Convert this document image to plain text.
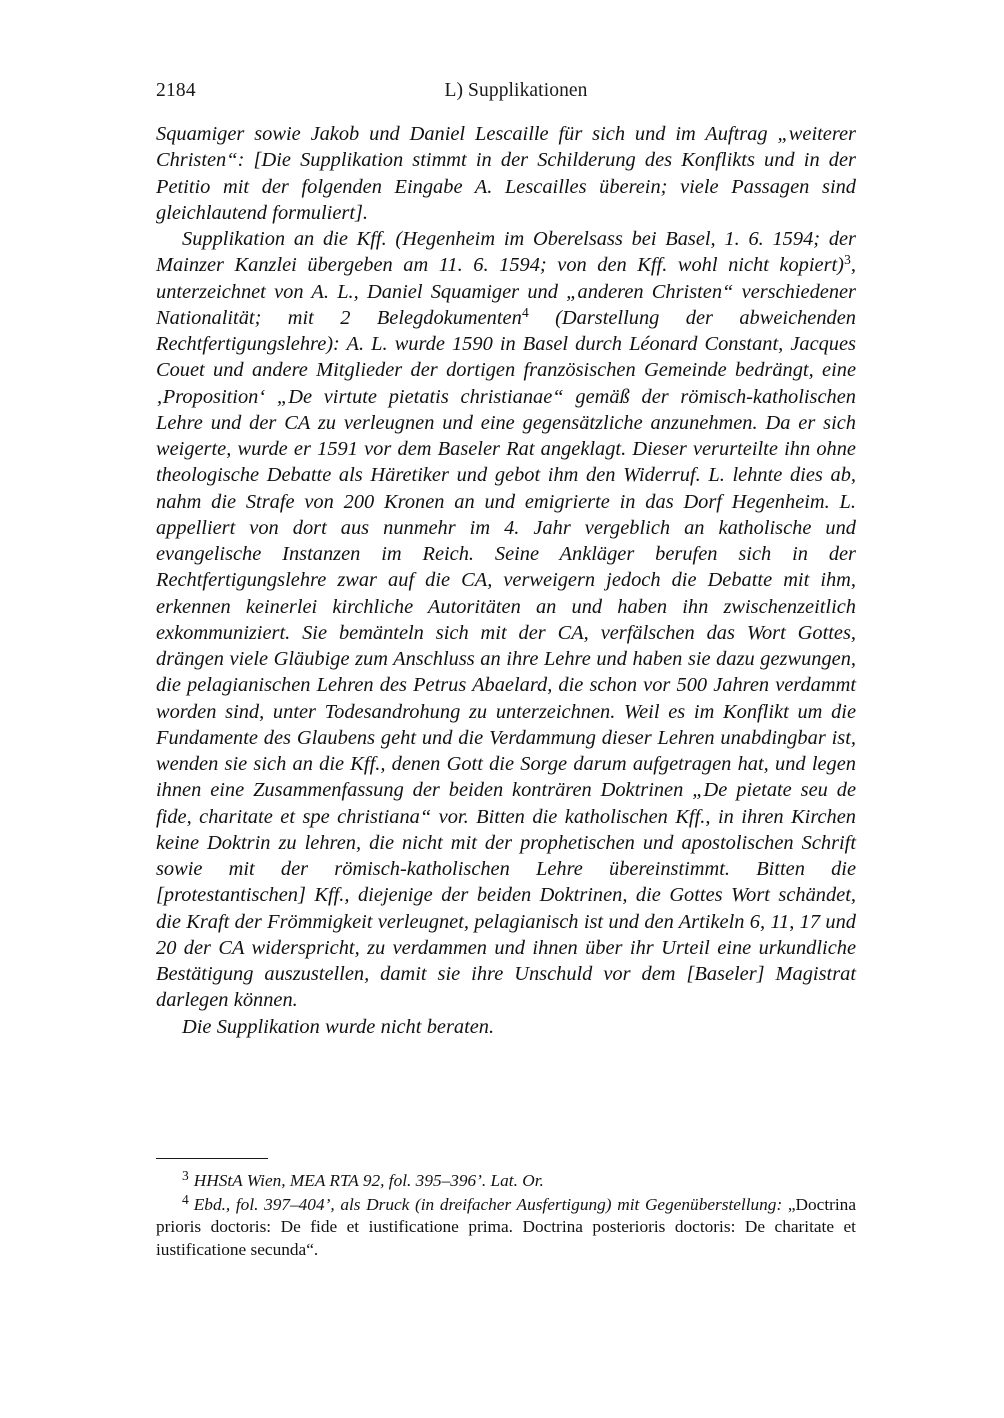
2184	L) Supplikationen

Squamiger sowie Jakob und Daniel Lescaille für sich und im Auftrag „weiterer Christen“: [Die Supplikation stimmt in der Schilderung des Konflikts und in der Petitio mit der folgenden Eingabe A. Lescailles überein; viele Passagen sind gleichlautend formuliert].

Supplikation an die Kff. (Hegenheim im Oberelsass bei Basel, 1. 6. 1594; der Mainzer Kanzlei übergeben am 11. 6. 1594; von den Kff. wohl nicht kopiert)$^3$, unterzeichnet von A. L., Daniel Squamiger und „anderen Christen“ verschiedener Nationalität; mit 2 Belegdokumenten$^4$ (Darstellung der abweichenden Rechtfertigungslehre): A. L. wurde 1590 in Basel durch Léonard Constant, Jacques Couet und andere Mitglieder der dortigen französischen Gemeinde bedrängt, eine ‚Proposition‘ „De virtute pietatis christianae“ gemäß der römisch-katholischen Lehre und der CA zu verleugnen und eine gegensätzliche anzunehmen. Da er sich weigerte, wurde er 1591 vor dem Baseler Rat angeklagt. Dieser verurteilte ihn ohne theologische Debatte als Häretiker und gebot ihm den Widerruf. L. lehnte dies ab, nahm die Strafe von 200 Kronen an und emigrierte in das Dorf Hegenheim. L. appelliert von dort aus nunmehr im 4. Jahr vergeblich an katholische und evangelische Instanzen im Reich. Seine Ankläger berufen sich in der Rechtfertigungslehre zwar auf die CA, verweigern jedoch die Debatte mit ihm, erkennen keinerlei kirchliche Autoritäten an und haben ihn zwischenzeitlich exkommuniziert. Sie bemänteln sich mit der CA, verfälschen das Wort Gottes, drängen viele Gläubige zum Anschluss an ihre Lehre und haben sie dazu gezwungen, die pelagianischen Lehren des Petrus Abaelard, die schon vor 500 Jahren verdammt worden sind, unter Todesandrohung zu unterzeichnen. Weil es im Konflikt um die Fundamente des Glaubens geht und die Verdammung dieser Lehren unabdingbar ist, wenden sie sich an die Kff., denen Gott die Sorge darum aufgetragen hat, und legen ihnen eine Zusammenfassung der beiden konträren Doktrinen „De pietate seu de fide, charitate et spe christiana“ vor. Bitten die katholischen Kff., in ihren Kirchen keine Doktrin zu lehren, die nicht mit der prophetischen und apostolischen Schrift sowie mit der römisch-katholischen Lehre übereinstimmt. Bitten die [protestantischen] Kff., diejenige der beiden Doktrinen, die Gottes Wort schändet, die Kraft der Frömmigkeit verleugnet, pelagianisch ist und den Artikeln 6, 11, 17 und 20 der CA widerspricht, zu verdammen und ihnen über ihr Urteil eine urkundliche Bestätigung auszustellen, damit sie ihre Unschuld vor dem [Baseler] Magistrat darlegen können.

Die Supplikation wurde nicht beraten.

$^3$ HHStA Wien, MEA RTA 92, fol. 395–396’. Lat. Or.

$^4$ Ebd., fol. 397–404’, als Druck (in dreifacher Ausfertigung) mit Gegenüberstellung: „Doctrina prioris doctoris: De fide et iustificatione prima. Doctrina posterioris doctoris: De charitate et iustificatione secunda“.
